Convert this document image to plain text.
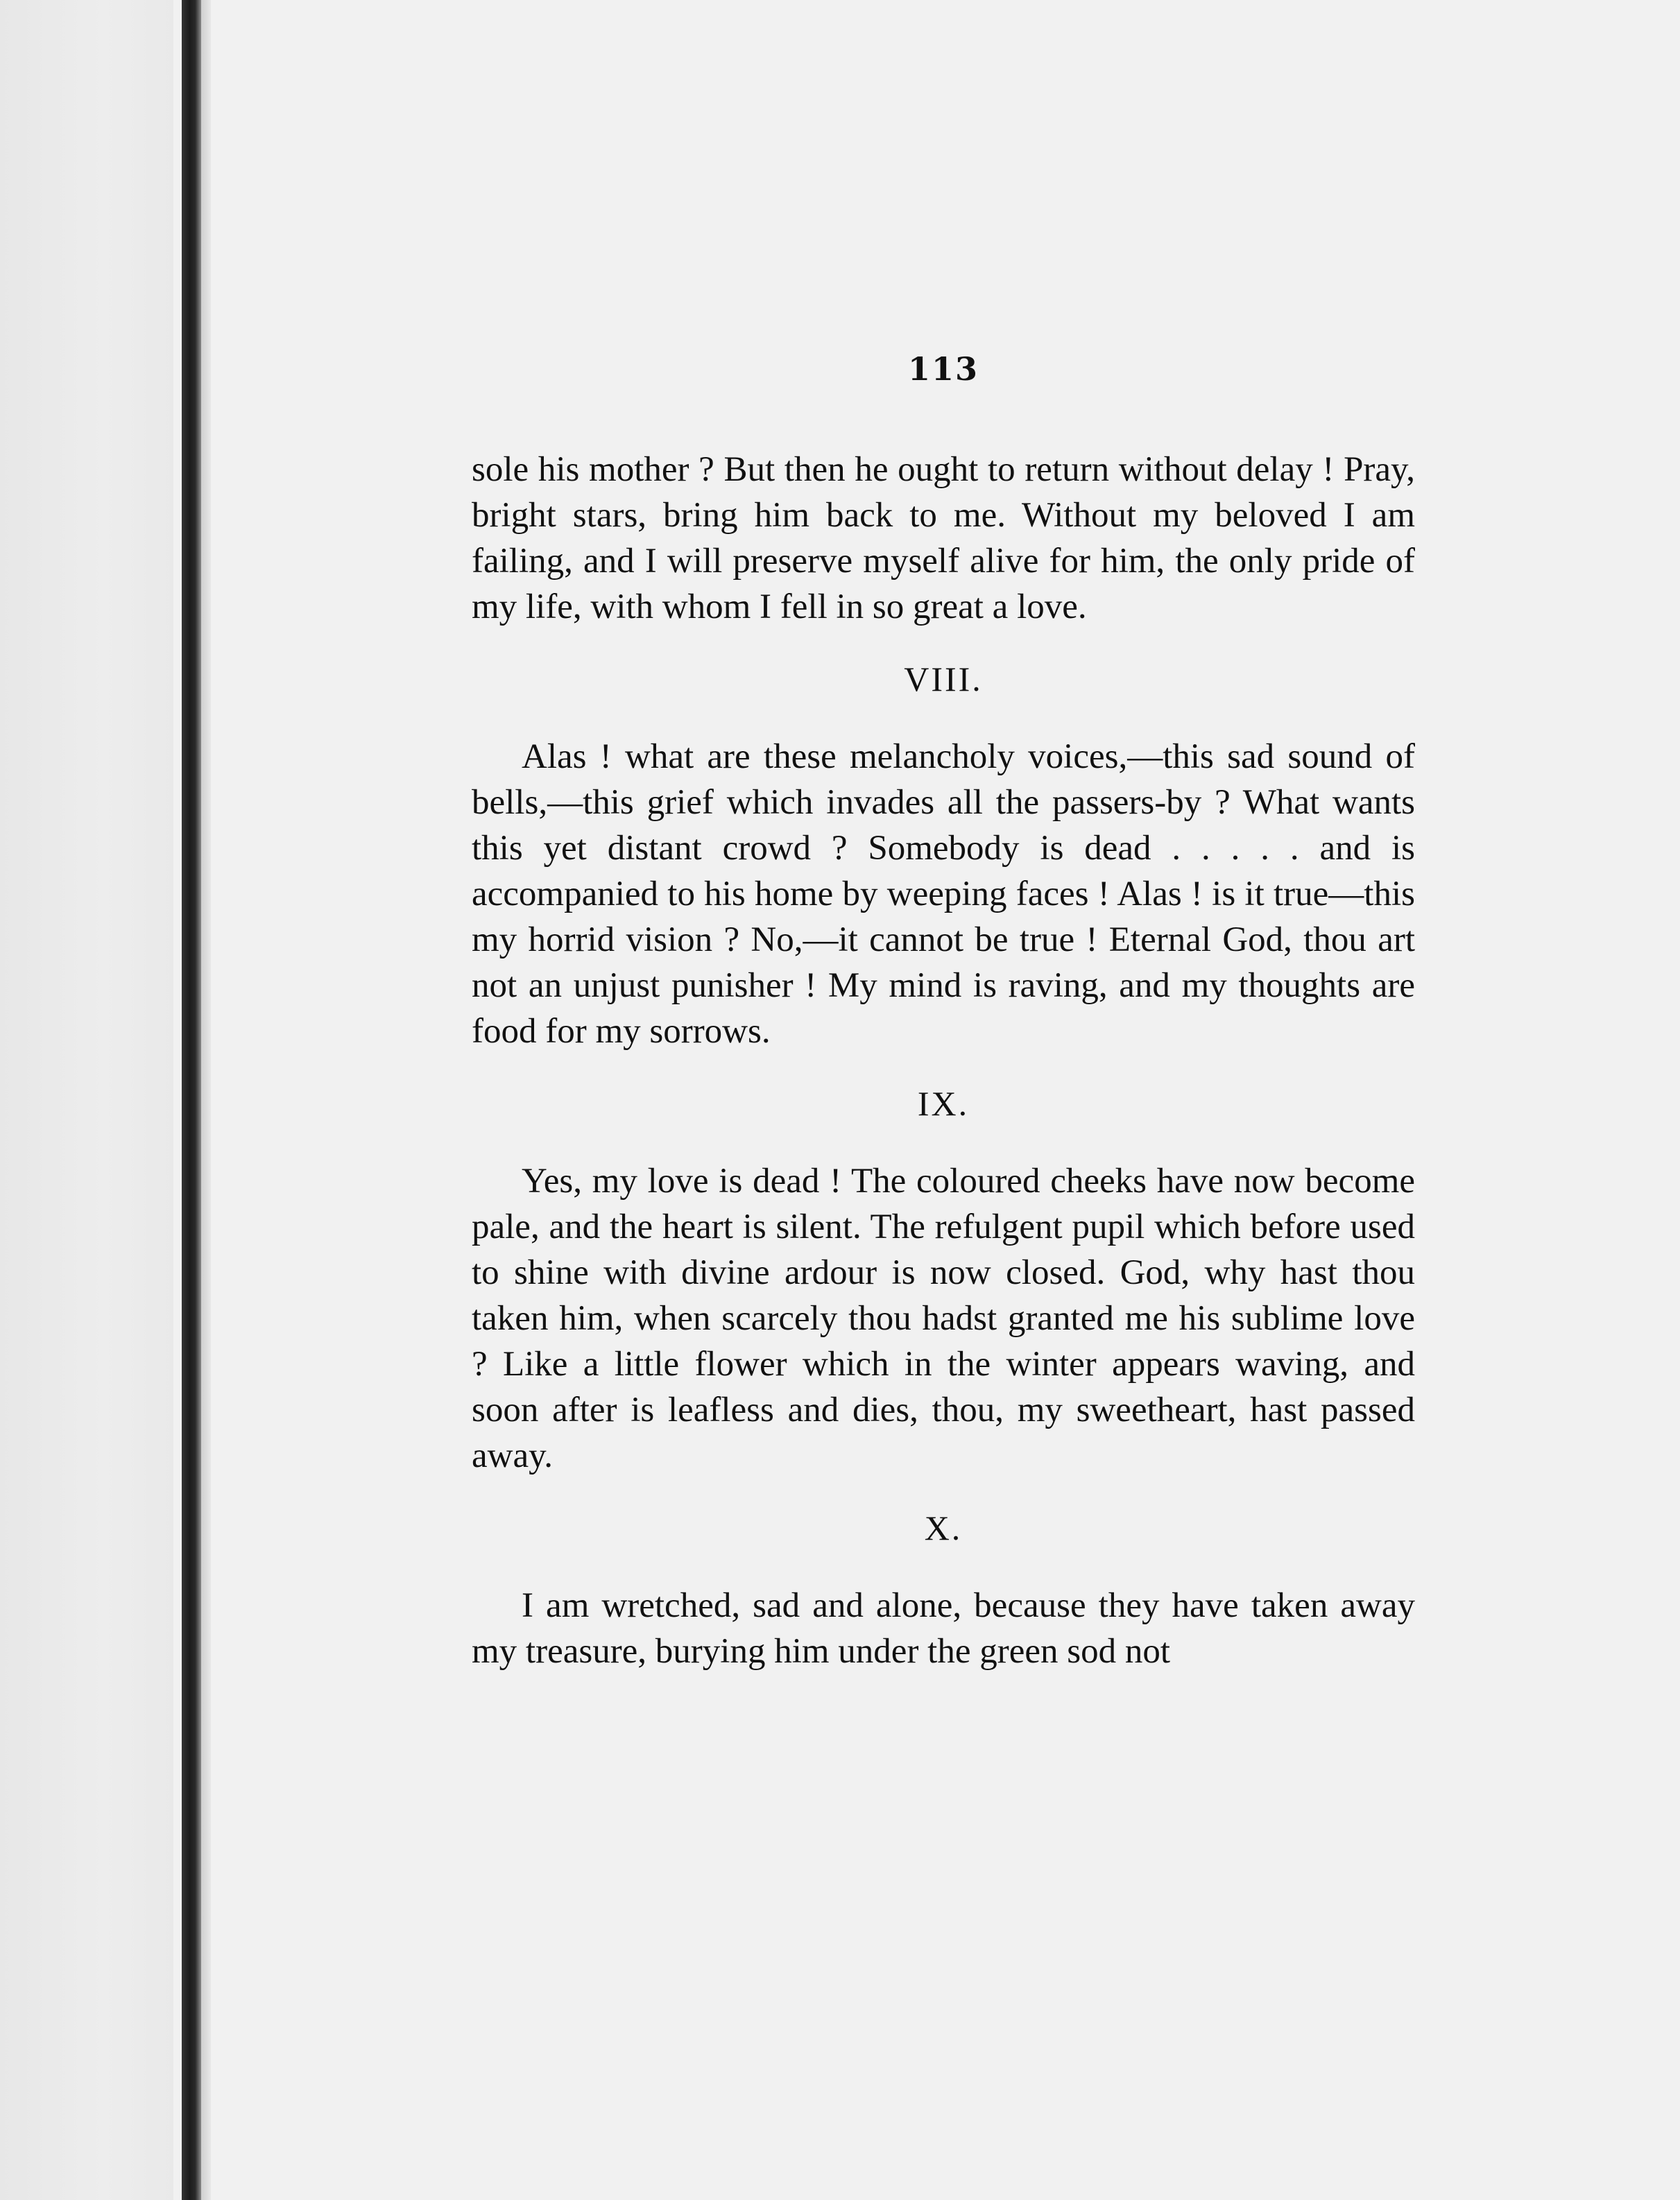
113

sole his mother ? But then he ought to return without delay ! Pray, bright stars, bring him back to me. Without my beloved I am failing, and I will preserve myself alive for him, the only pride of my life, with whom I fell in so great a love.

VIII.

Alas ! what are these melancholy voices,—this sad sound of bells,—this grief which invades all the passers-by ? What wants this yet distant crowd ? Somebody is dead . . . . . and is accompanied to his home by weeping faces ! Alas ! is it true—this my horrid vision ? No,—it cannot be true ! Eternal God, thou art not an unjust punisher ! My mind is raving, and my thoughts are food for my sorrows.

IX.

Yes, my love is dead ! The coloured cheeks have now become pale, and the heart is silent. The refulgent pupil which before used to shine with divine ardour is now closed. God, why hast thou taken him, when scarcely thou hadst granted me his sublime love ? Like a little flower which in the winter appears waving, and soon after is leafless and dies, thou, my sweetheart, hast passed away.

X.

I am wretched, sad and alone, because they have taken away my treasure, burying him under the green sod not
